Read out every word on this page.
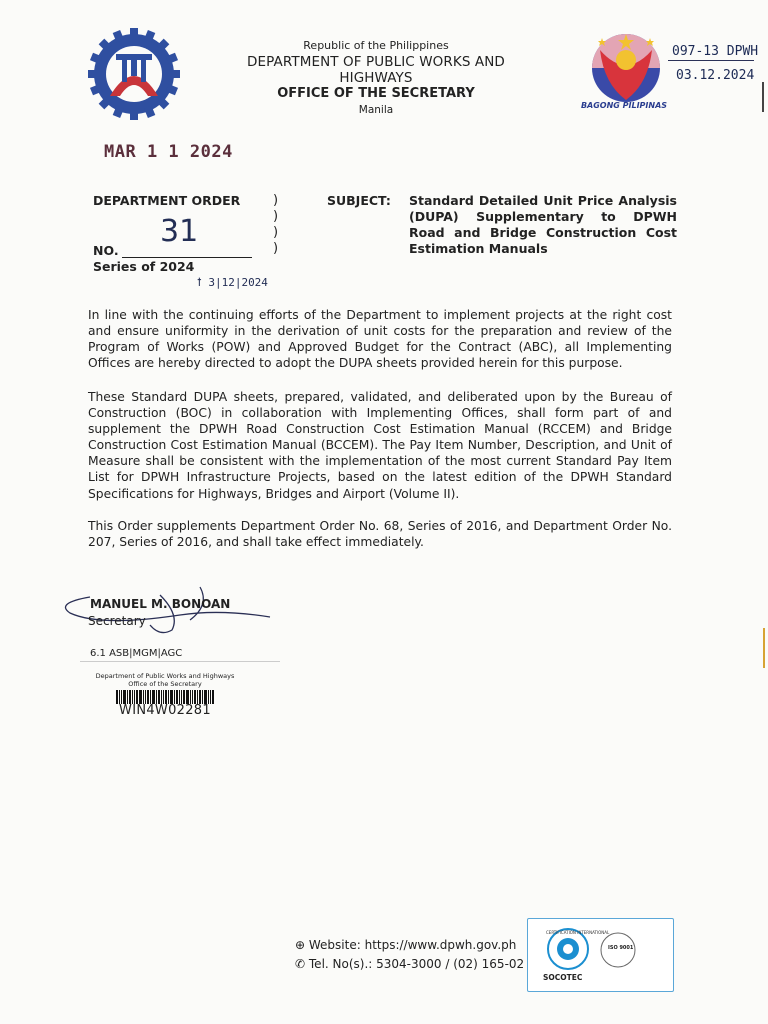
Republic of the Philippines
DEPARTMENT OF PUBLIC WORKS AND HIGHWAYS
OFFICE OF THE SECRETARY
Manila	BAGONG PILIPINAS
097-13 DPWH
03.12.2024
MAR 1 1 2024
DEPARTMENT ORDER	)
)
)
)
31
NO.
Series of 2024
ꝉ 3|12|2024
SUBJECT: Standard Detailed Unit Price Analysis (DUPA) Supplementary to DPWH Road and Bridge Construction Cost Estimation Manuals
In line with the continuing efforts of the Department to implement projects at the right cost and ensure uniformity in the derivation of unit costs for the preparation and review of the Program of Works (POW) and Approved Budget for the Contract (ABC), all Implementing Offices are hereby directed to adopt the DUPA sheets provided herein for this purpose.
These Standard DUPA sheets, prepared, validated, and deliberated upon by the Bureau of Construction (BOC) in collaboration with Implementing Offices, shall form part of and supplement the DPWH Road Construction Cost Estimation Manual (RCCEM) and Bridge Construction Cost Estimation Manual (BCCEM). The Pay Item Number, Description, and Unit of Measure shall be consistent with the implementation of the most current Standard Pay Item List for DPWH Infrastructure Projects, based on the latest edition of the DPWH Standard Specifications for Highways, Bridges and Airport (Volume II).
This Order supplements Department Order No. 68, Series of 2016, and Department Order No. 207, Series of 2016, and shall take effect immediately.
MANUEL M. BONOAN
Secretary
6.1 ASB|MGM|AGC
Department of Public Works and Highways
Office of the Secretary
WIN4W02281
⊕ Website: https://www.dpwh.gov.ph
✆ Tel. No(s).: 5304-3000 / (02) 165-02
CERTIFICATION INTERNATIONAL
ISO 9001
SOCOTEC
